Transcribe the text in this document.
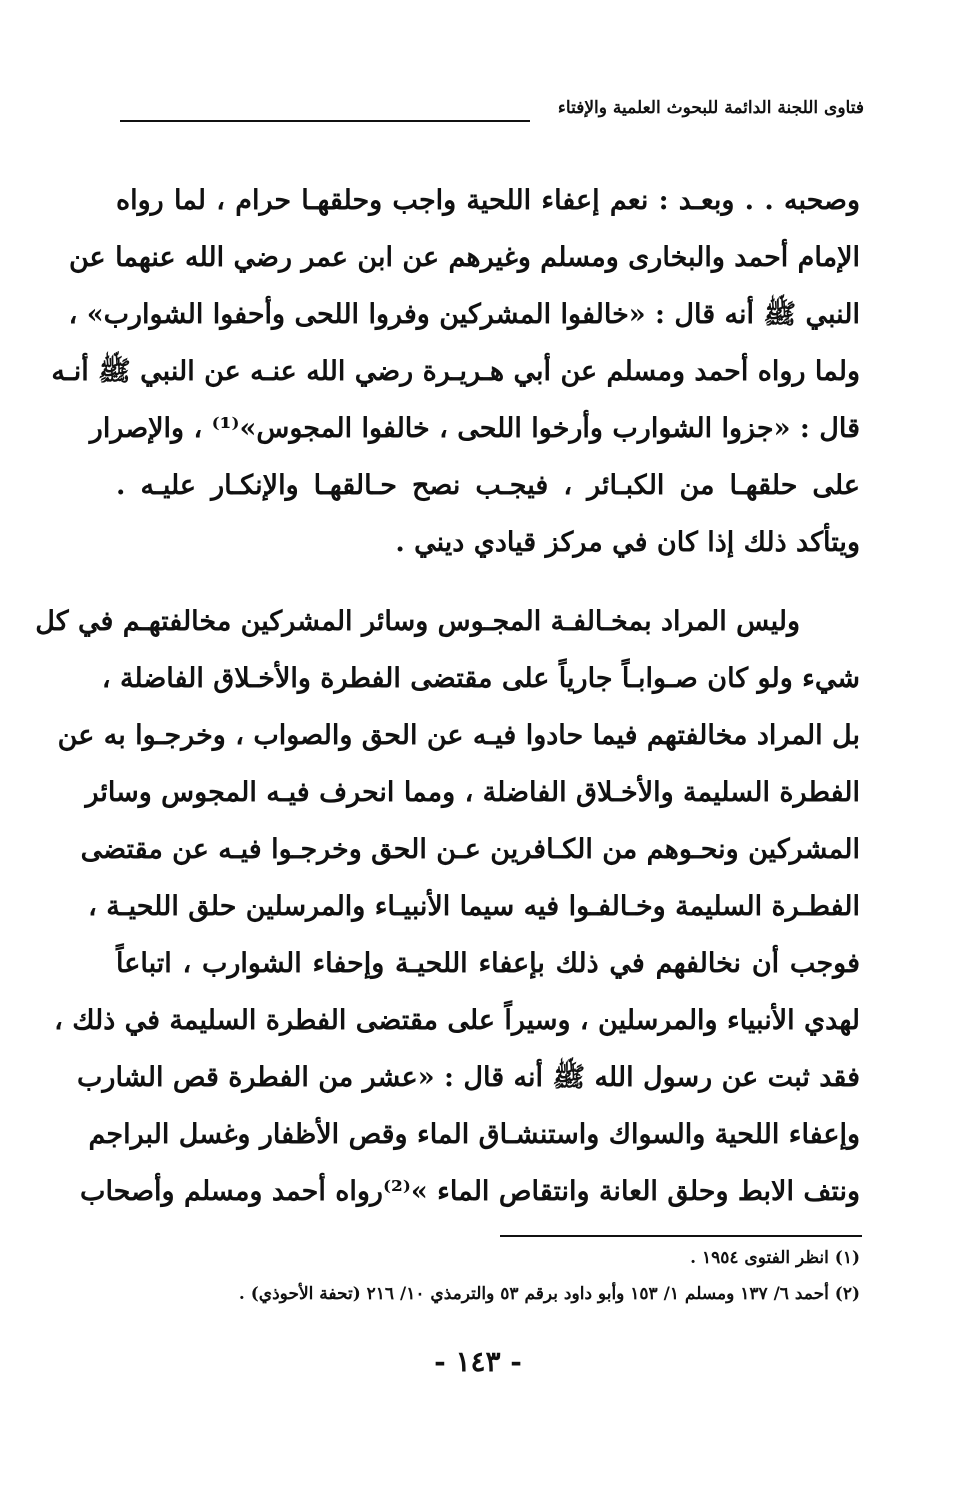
فتاوى اللجنة الدائمة للبحوث العلمية والإفتاء
وصحبه . . وبعـد : نعم إعفاء اللحية واجب وحلقهـا حرام ، لما رواه
الإمام أحمد والبخارى ومسلم وغيرهم عن ابن عمر رضي الله عنهما عن
النبي ﷺ أنه قال : «خالفوا المشركين وفروا اللحى وأحفوا الشوارب» ،
ولما رواه أحمد ومسلم عن أبي هـريـرة رضي الله عنـه عن النبي ﷺ أنـه
قال : «جزوا الشوارب وأرخوا اللحى ، خالفوا المجوس»⁽¹⁾ ، والإصرار
على حلقهـا من الكبـائر ، فيجـب نصح حـالقهـا والإنكـار عليـه .
ويتأكد ذلك إذا كان في مركز قيادي ديني .
وليس المراد بمخـالفـة المجـوس وسائر المشركين مخالفتهـم في كل
شيء ولو كان صـوابـاً جارياً على مقتضى الفطرة والأخـلاق الفاضلة ،
بل المراد مخالفتهم فيما حادوا فيـه عن الحق والصواب ، وخرجـوا به عن
الفطرة السليمة والأخـلاق الفاضلة ، ومما انحرف فيـه المجوس وسائر
المشركين ونحـوهم من الكـافرين عـن الحق وخرجـوا فيـه عن مقتضى
الفطـرة السليمة وخـالفـوا فيه سيما الأنبيـاء والمرسلين حلق اللحيـة ،
فوجب أن نخالفهم في ذلك بإعفاء اللحيـة وإحفاء الشوارب ، اتباعاً
لهدي الأنبياء والمرسلين ، وسيراً على مقتضى الفطرة السليمة في ذلك ،
فقد ثبت عن رسول الله ﷺ أنه قال : «عشر من الفطرة قص الشارب
وإعفاء اللحية والسواك واستنشـاق الماء وقص الأظفار وغسل البراجم
ونتف الابط وحلق العانة وانتقاص الماء »⁽²⁾رواه أحمد ومسلم وأصحاب
(١) انظر الفتوى ١٩٥٤ .
(٢) أحمد ٦/ ١٣٧ ومسلم ١/ ١٥٣ وأبو داود برقم ٥٣ والترمذي ١٠/ ٢١٦ (تحفة الأحوذي) .
- ١٤٣ -
